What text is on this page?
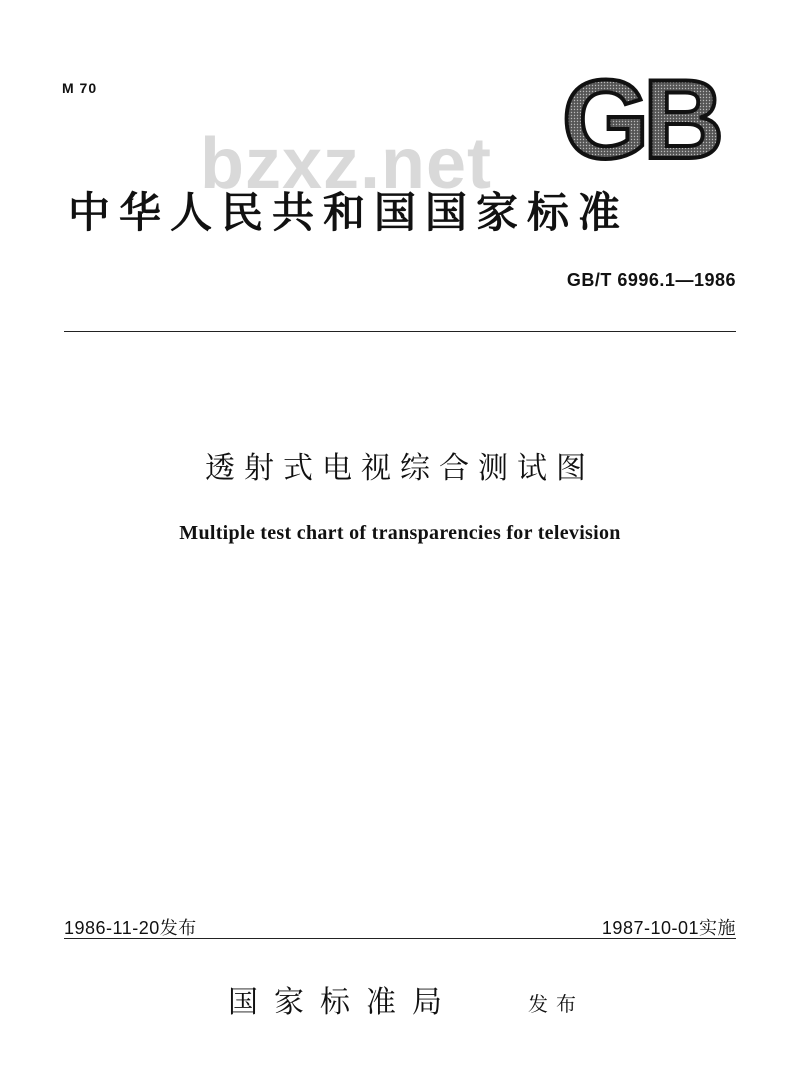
M 70	GB
bzxz.net
中华人民共和国国家标准
GB/T 6996.1—1986
透射式电视综合测试图
Multiple test chart of transparencies for television
1986-11-20发布	1987-10-01实施
国家标准局	发布
